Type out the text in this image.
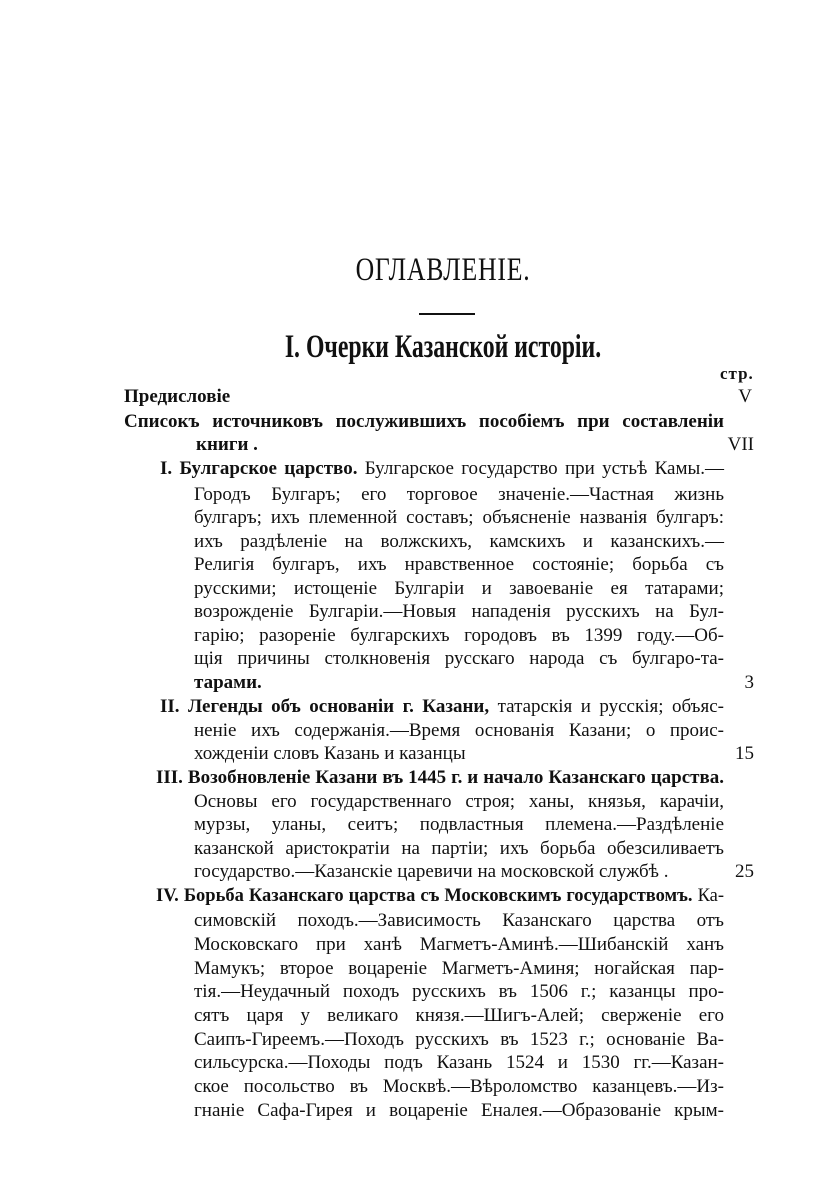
ОГЛАВЛЕНІЕ.
I. Очерки Казанской исторіи.
стр.
Предисловіе	V
Списокъ источниковъ послужившихъ пособіемъ при составленіи
книги .	VII
I. Булгарское царство. Булгарское государство при устьѣ Камы.—
Городъ Булгаръ; его торговое значеніе.—Частная жизнь
булгаръ; ихъ племенной составъ; объясненіе названія булгаръ:
ихъ раздѣленіе на волжскихъ, камскихъ и казанскихъ.—
Религія булгаръ, ихъ нравственное состояніе; борьба съ
русскими; истощеніе Булгаріи и завоеваніе ея татарами;
возрожденіе Булгаріи.—Новыя нападенія русскихъ на Бул-
гарію; разореніе булгарскихъ городовъ въ 1399 году.—Об-
щія причины столкновенія русскаго народа съ булгаро-та-
тарами.	3
II. Легенды объ основаніи г. Казани, татарскія и русскія; объяс-
неніе ихъ содержанія.—Время основанія Казани; о проис-
хожденіи словъ Казань и казанцы	15
III. Возобновленіе Казани въ 1445 г. и начало Казанскаго царства.
Основы его государственнаго строя; ханы, князья, карачіи,
мурзы, уланы, сеитъ; подвластныя племена.—Раздѣленіе
казанской аристократіи на партіи; ихъ борьба обезсиливаетъ
государство.—Казанскіе царевичи на московской службѣ .	25
IV. Борьба Казанскаго царства съ Московскимъ государствомъ. Ка-
симовскій походъ.—Зависимость Казанскаго царства отъ
Московскаго при ханѣ Магметъ-Аминѣ.—Шибанскій ханъ
Мамукъ; второе воцареніе Магметъ-Аминя; ногайская пар-
тія.—Неудачный походъ русскихъ въ 1506 г.; казанцы про-
сятъ царя у великаго князя.—Шигъ-Алей; сверженіе его
Саипъ-Гиреемъ.—Походъ русскихъ въ 1523 г.; основаніе Ва-
сильсурска.—Походы подъ Казань 1524 и 1530 гг.—Казан-
ское посольство въ Москвѣ.—Вѣроломство казанцевъ.—Из-
гнаніе Сафа-Гирея и воцареніе Еналея.—Образованіе крым-
